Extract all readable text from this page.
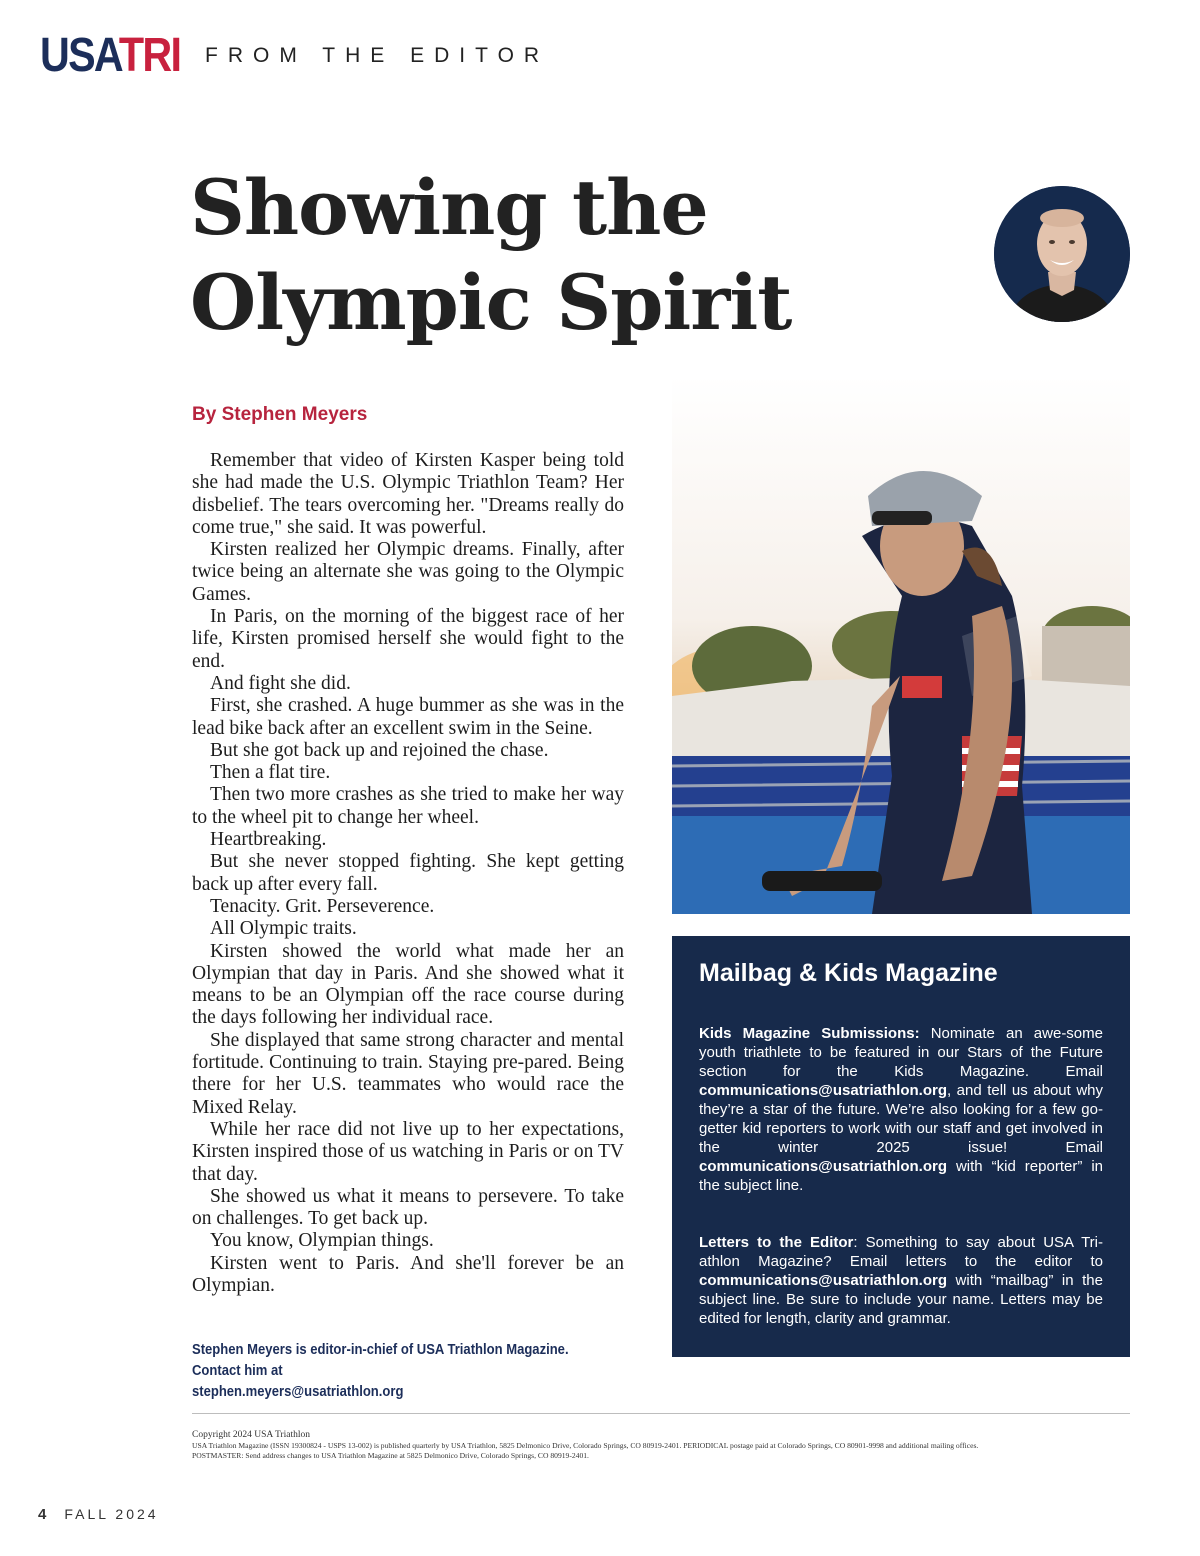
USATRI FROM THE EDITOR
Showing the
Olympic Spirit
By Stephen Meyers

Remember that video of Kirsten Kasper being told she had made the U.S. Olympic Triathlon Team? Her disbelief. The tears overcoming her. "Dreams really do come true," she said. It was powerful.

Kirsten realized her Olympic dreams. Finally, after twice being an alternate she was going to the Olympic Games.

In Paris, on the morning of the biggest race of her life, Kirsten promised herself she would fight to the end.

And fight she did.

First, she crashed. A huge bummer as she was in the lead bike back after an excellent swim in the Seine.

But she got back up and rejoined the chase.

Then a flat tire.

Then two more crashes as she tried to make her way to the wheel pit to change her wheel.

Heartbreaking.

But she never stopped fighting. She kept getting back up after every fall.

Tenacity. Grit. Perseverence.

All Olympic traits.

Kirsten showed the world what made her an Olympian that day in Paris. And she showed what it means to be an Olympian off the race course during the days following her individual race.

She displayed that same strong character and mental fortitude. Continuing to train. Staying pre-pared. Being there for her U.S. teammates who would race the Mixed Relay.

While her race did not live up to her expectations, Kirsten inspired those of us watching in Paris or on TV that day.

She showed us what it means to persevere. To take on challenges. To get back up.

You know, Olympian things.

Kirsten went to Paris. And she'll forever be an Olympian.

Stephen Meyers is editor-in-chief of USA Triathlon Magazine. Contact him at
stephen.meyers@usatriathlon.org
Mailbag & Kids Magazine

Kids Magazine Submissions: Nominate an awe-some youth triathlete to be featured in our Stars of the Future section for the Kids Magazine. Email communications@usatriathlon.org, and tell us about why they’re a star of the future. We’re also looking for a few go-getter kid reporters to work with our staff and get involved in the winter 2025 issue! Email communications@usatriathlon.org with “kid reporter” in the subject line.

Letters to the Editor: Something to say about USA Tri-athlon Magazine? Email letters to the editor to communications@usatriathlon.org with “mailbag” in the subject line. Be sure to include your name. Letters may be edited for length, clarity and grammar.

Copyright 2024 USA Triathlon
USA Triathlon Magazine (ISSN 19300824 - USPS 13-002) is published quarterly by USA Triathlon, 5825 Delmonico Drive, Colorado Springs, CO 80919-2401. PERIODICAL postage paid at Colorado Springs, CO 80901-9998 and additional mailing offices.
POSTMASTER: Send address changes to USA Triathlon Magazine at 5825 Delmonico Drive, Colorado Springs, CO 80919-2401.
4 FALL 2024
